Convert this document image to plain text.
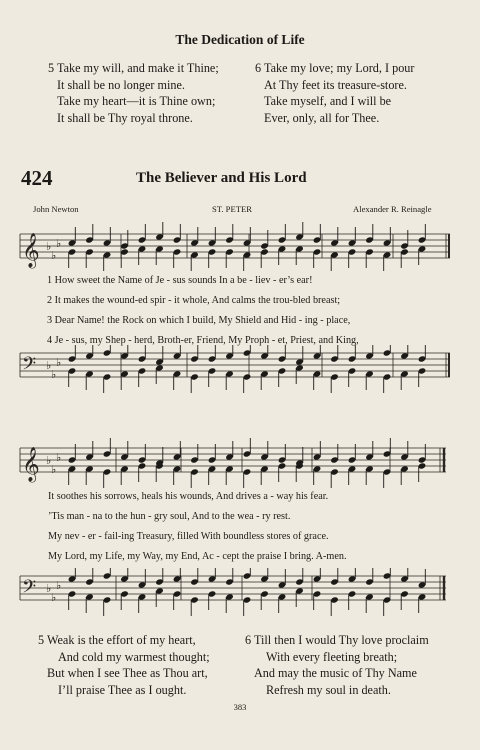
The Dedication of Life
5 Take my will, and make it Thine;
It shall be no longer mine.
Take my heart—it is Thine own;
It shall be Thy royal throne.
6 Take my love; my Lord, I pour
At Thy feet its treasure-store.
Take myself, and I will be
Ever, only, all for Thee.
424	The Believer and His Lord
John Newton	ST. PETER	Alexander R. Reinagle
𝄞 ♭
♭
♭
1 How sweet the Name of Je - sus sounds In a be - liev - er’s ear!
2 It makes the wound-ed spir - it whole, And calms the trou-bled breast;
3 Dear Name! the Rock on which I build, My Shield and Hid - ing - place,
4 Je - sus, my Shep - herd, Broth-er, Friend, My Proph - et, Priest, and King,
𝄢 ♭
♭
♭
𝄞 ♭
♭
♭
It soothes his sorrows, heals his wounds, And drives a - way his fear.
’Tis man - na to the hun - gry soul, And to the wea - ry rest.
My nev - er - fail-ing Treasury, filled With boundless stores of grace.
My Lord, my Life, my Way, my End, Ac - cept the praise I bring. A-men.
𝄢 ♭
♭
♭
5 Weak is the effort of my heart,
And cold my warmest thought;
But when I see Thee as Thou art,
I’ll praise Thee as I ought.
6 Till then I would Thy love proclaim
With every fleeting breath;
And may the music of Thy Name
Refresh my soul in death.
383
